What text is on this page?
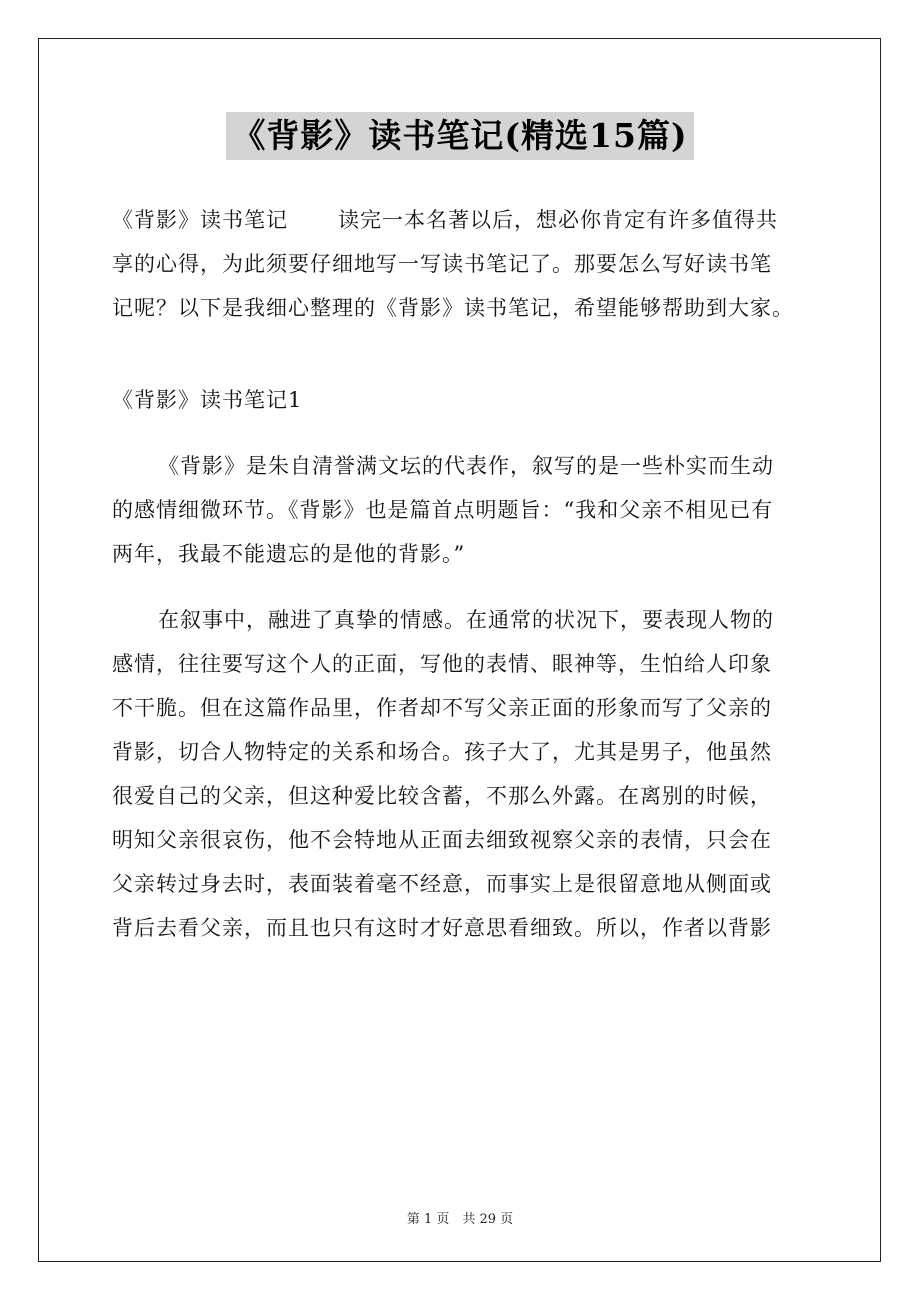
《背影》读书笔记(精选15篇)
《背影》读书笔记 读完一本名著以后，想必你肯定有许多值得共
享的心得，为此须要仔细地写一写读书笔记了。那要怎么写好读书笔
记呢？以下是我细心整理的《背影》读书笔记，希望能够帮助到大家。
《背影》读书笔记1
《背影》是朱自清誉满文坛的代表作，叙写的是一些朴实而生动
的感情细微环节。《背影》也是篇首点明题旨：“我和父亲不相见已有
两年，我最不能遗忘的是他的背影。”
在叙事中，融进了真挚的情感。在通常的状况下，要表现人物的
感情，往往要写这个人的正面，写他的表情、眼神等，生怕给人印象
不干脆。但在这篇作品里，作者却不写父亲正面的形象而写了父亲的
背影，切合人物特定的关系和场合。孩子大了，尤其是男子，他虽然
很爱自己的父亲，但这种爱比较含蓄，不那么外露。在离别的时候，
明知父亲很哀伤，他不会特地从正面去细致视察父亲的表情，只会在
父亲转过身去时，表面装着毫不经意，而事实上是很留意地从侧面或
背后去看父亲，而且也只有这时才好意思看细致。所以，作者以背影
第 1 页　共 29 页
